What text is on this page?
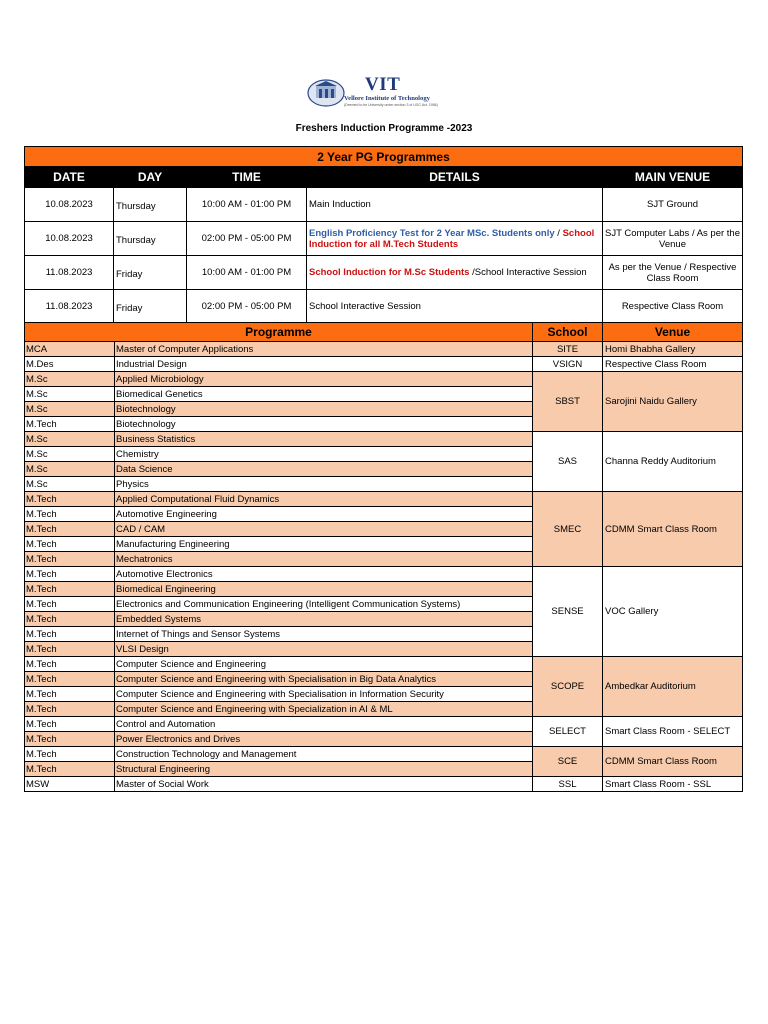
VIT
Vellore Institute of Technology
(Deemed to be University under section 3 of UGC Act, 1956)
Freshers Induction Programme -2023
2 Year PG Programmes				
DATE	DAY	TIME	DETAILS	MAIN VENUE
10.08.2023	Thursday	10:00 AM - 01:00 PM	Main Induction	SJT Ground
10.08.2023	Thursday	02:00 PM - 05:00 PM	English Proficiency Test for 2 Year MSc. Students only / School Induction for all M.Tech Students	SJT Computer Labs / As per the Venue
11.08.2023	Friday	10:00 AM - 01:00 PM	School Induction for M.Sc Students /School Interactive Session	As per the Venue / Respective Class Room
11.08.2023	Friday	02:00 PM - 05:00 PM	School Interactive Session	Respective Class Room
Programme		School	Venue
MCA	Master of Computer Applications	SITE	Homi Bhabha Gallery
M.Des	Industrial Design	VSIGN	Respective Class Room
M.Sc	Applied Microbiology	SBST	Sarojini Naidu Gallery
M.Sc	Biomedical Genetics		
M.Sc	Biotechnology		
M.Tech	Biotechnology		
M.Sc	Business Statistics	SAS	Channa Reddy Auditorium
M.Sc	Chemistry		
M.Sc	Data Science		
M.Sc	Physics		
M.Tech	Applied Computational Fluid Dynamics	SMEC	CDMM Smart Class Room
M.Tech	Automotive Engineering		
M.Tech	CAD / CAM		
M.Tech	Manufacturing Engineering		
M.Tech	Mechatronics		
M.Tech	Automotive Electronics	SENSE	VOC Gallery
M.Tech	Biomedical Engineering		
M.Tech	Electronics and Communication Engineering (Intelligent Communication Systems)		
M.Tech	Embedded Systems		
M.Tech	Internet of Things and Sensor Systems		
M.Tech	VLSI Design		
M.Tech	Computer Science and Engineering	SCOPE	Ambedkar Auditorium
M.Tech	Computer Science and Engineering with Specialisation in Big Data Analytics		
M.Tech	Computer Science and Engineering with Specialisation in Information Security		
M.Tech	Computer Science and Engineering with Specialization in AI & ML		
M.Tech	Control and Automation	SELECT	Smart Class Room - SELECT
M.Tech	Power Electronics and Drives		
M.Tech	Construction Technology and Management	SCE	CDMM Smart Class Room
M.Tech	Structural Engineering		
MSW	Master of Social Work	SSL	Smart Class Room - SSL
